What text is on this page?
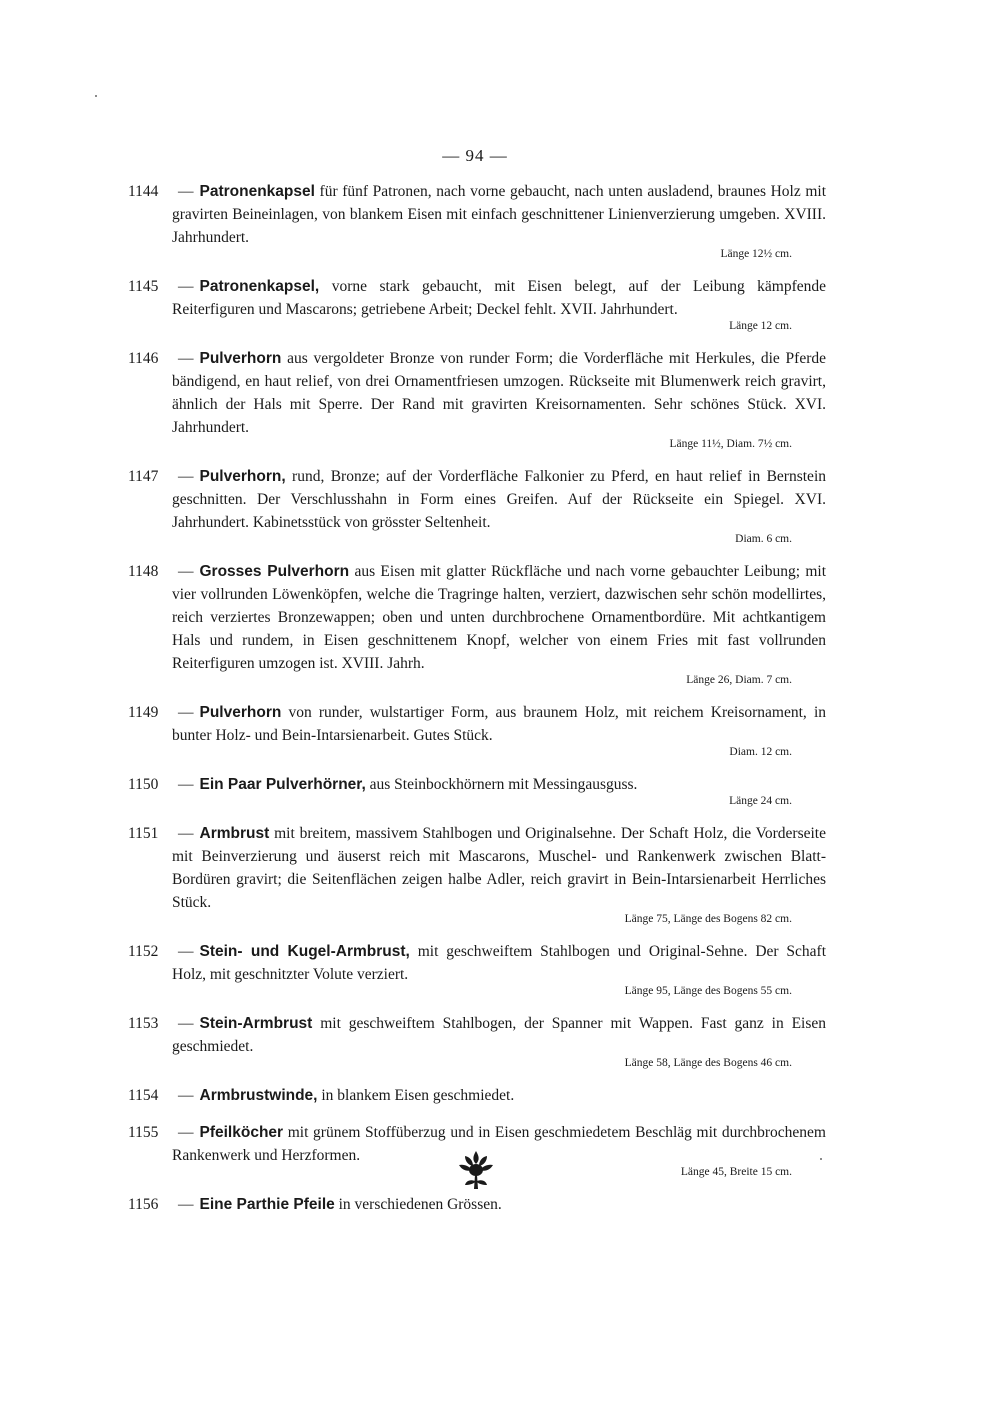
— 94 —
1144	— Patronenkapsel für fünf Patronen, nach vorne gebaucht, nach unten ausladend, braunes Holz mit gravirten Beineinlagen, von blankem Eisen mit einfach geschnittener Linienverzierung umgeben. XVIII. Jahrhundert.
Länge 12½ cm.
1145	— Patronenkapsel, vorne stark gebaucht, mit Eisen belegt, auf der Leibung kämpfende Reiterfiguren und Mascarons; getriebene Arbeit; Deckel fehlt. XVII. Jahrhundert.
Länge 12 cm.
1146	— Pulverhorn aus vergoldeter Bronze von runder Form; die Vorderfläche mit Herkules, die Pferde bändigend, en haut relief, von drei Ornamentfriesen umzogen. Rückseite mit Blumenwerk reich gravirt, ähnlich der Hals mit Sperre. Der Rand mit gravirten Kreisornamenten. Sehr schönes Stück. XVI. Jahrhundert.
Länge 11½, Diam. 7½ cm.
1147	— Pulverhorn, rund, Bronze; auf der Vorderfläche Falkonier zu Pferd, en haut relief in Bernstein geschnitten. Der Verschlusshahn in Form eines Greifen. Auf der Rückseite ein Spiegel. XVI. Jahrhundert. Kabinetsstück von grösster Seltenheit.
Diam. 6 cm.
1148	— Grosses Pulverhorn aus Eisen mit glatter Rückfläche und nach vorne gebauchter Leibung; mit vier vollrunden Löwenköpfen, welche die Tragringe halten, verziert, dazwischen sehr schön modellirtes, reich verziertes Bronzewappen; oben und unten durchbrochene Ornamentbordüre. Mit achtkantigem Hals und rundem, in Eisen geschnittenem Knopf, welcher von einem Fries mit fast vollrunden Reiterfiguren umzogen ist. XVIII. Jahrh.
Länge 26, Diam. 7 cm.
1149	— Pulverhorn von runder, wulstartiger Form, aus braunem Holz, mit reichem Kreisornament, in bunter Holz- und Bein-Intarsienarbeit. Gutes Stück.
Diam. 12 cm.
1150	— Ein Paar Pulverhörner, aus Steinbockhörnern mit Messingausguss.
Länge 24 cm.
1151	— Armbrust mit breitem, massivem Stahlbogen und Originalsehne. Der Schaft Holz, die Vorderseite mit Beinverzierung und äuserst reich mit Mascarons, Muschel- und Rankenwerk zwischen Blatt-Bordüren gravirt; die Seitenflächen zeigen halbe Adler, reich gravirt in Bein-Intarsienarbeit Herrliches Stück.
Länge 75, Länge des Bogens 82 cm.
1152	— Stein- und Kugel-Armbrust, mit geschweiftem Stahlbogen und Original-Sehne. Der Schaft Holz, mit geschnitzter Volute verziert.
Länge 95, Länge des Bogens 55 cm.
1153	— Stein-Armbrust mit geschweiftem Stahlbogen, der Spanner mit Wappen. Fast ganz in Eisen geschmiedet.
Länge 58, Länge des Bogens 46 cm.
1154	— Armbrustwinde, in blankem Eisen geschmiedet.
1155	— Pfeilköcher mit grünem Stoffüberzug und in Eisen geschmiedetem Beschläg mit durchbrochenem Rankenwerk und Herzformen.
Länge 45, Breite 15 cm.
1156	— Eine Parthie Pfeile in verschiedenen Grössen.
